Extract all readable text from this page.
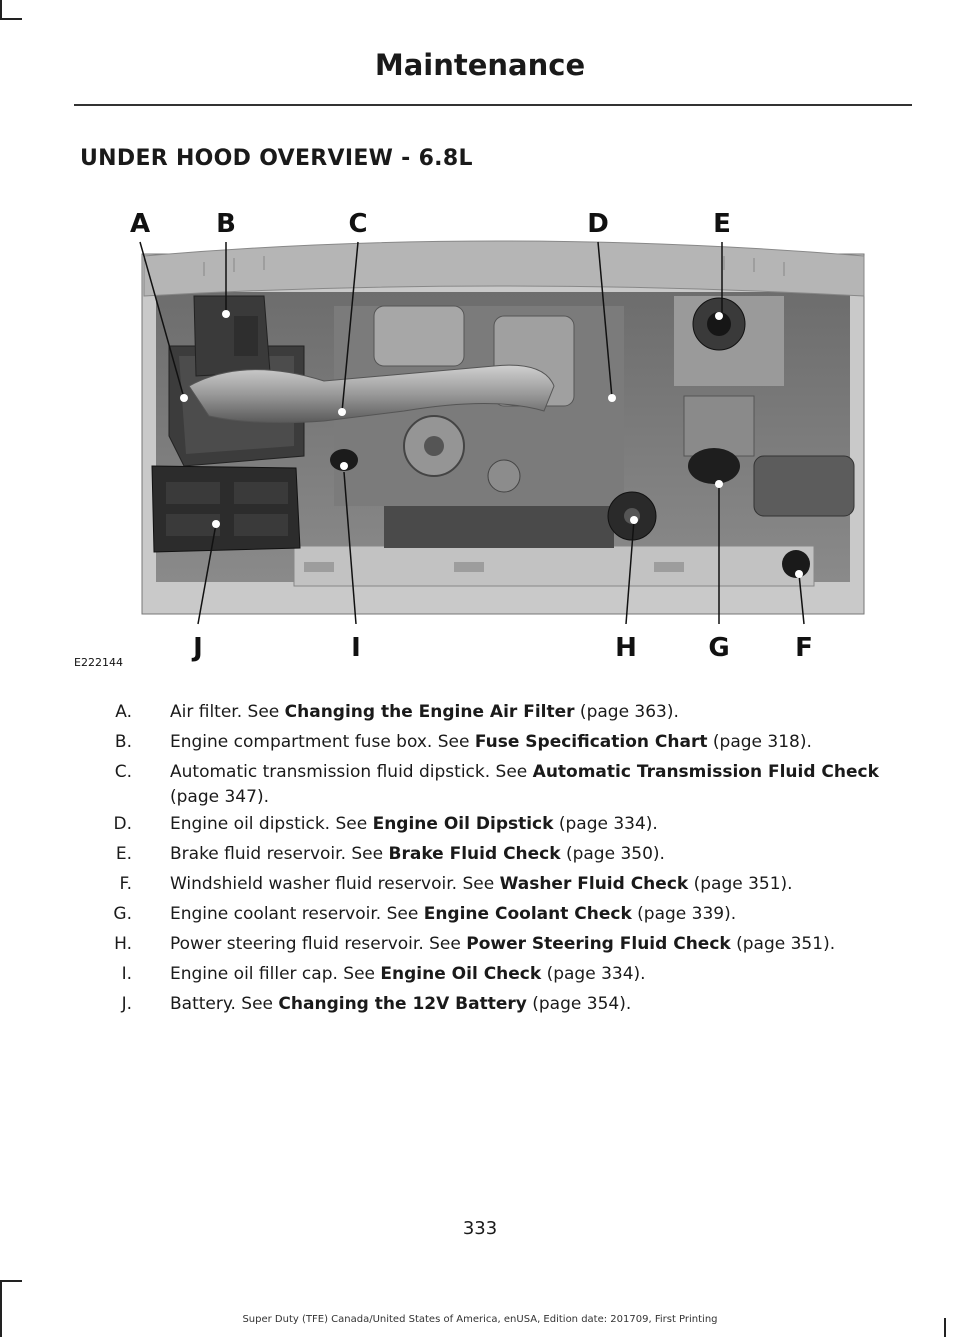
Maintenance
UNDER HOOD OVERVIEW - 6.8L
A	B	C	D	E
J	I	H	G	F
E222144
A. Air filter. See Changing the Engine Air Filter (page 363).
B. Engine compartment fuse box. See Fuse Specification Chart (page 318).
C. Automatic transmission fluid dipstick. See Automatic Transmission Fluid Check (page 347).
D. Engine oil dipstick. See Engine Oil Dipstick (page 334).
E. Brake fluid reservoir. See Brake Fluid Check (page 350).
F. Windshield washer fluid reservoir. See Washer Fluid Check (page 351).
G. Engine coolant reservoir. See Engine Coolant Check (page 339).
H. Power steering fluid reservoir. See Power Steering Fluid Check (page 351).
I. Engine oil filler cap. See Engine Oil Check (page 334).
J. Battery. See Changing the 12V Battery (page 354).
333
Super Duty (TFE) Canada/United States of America, enUSA, Edition date: 201709, First Printing
